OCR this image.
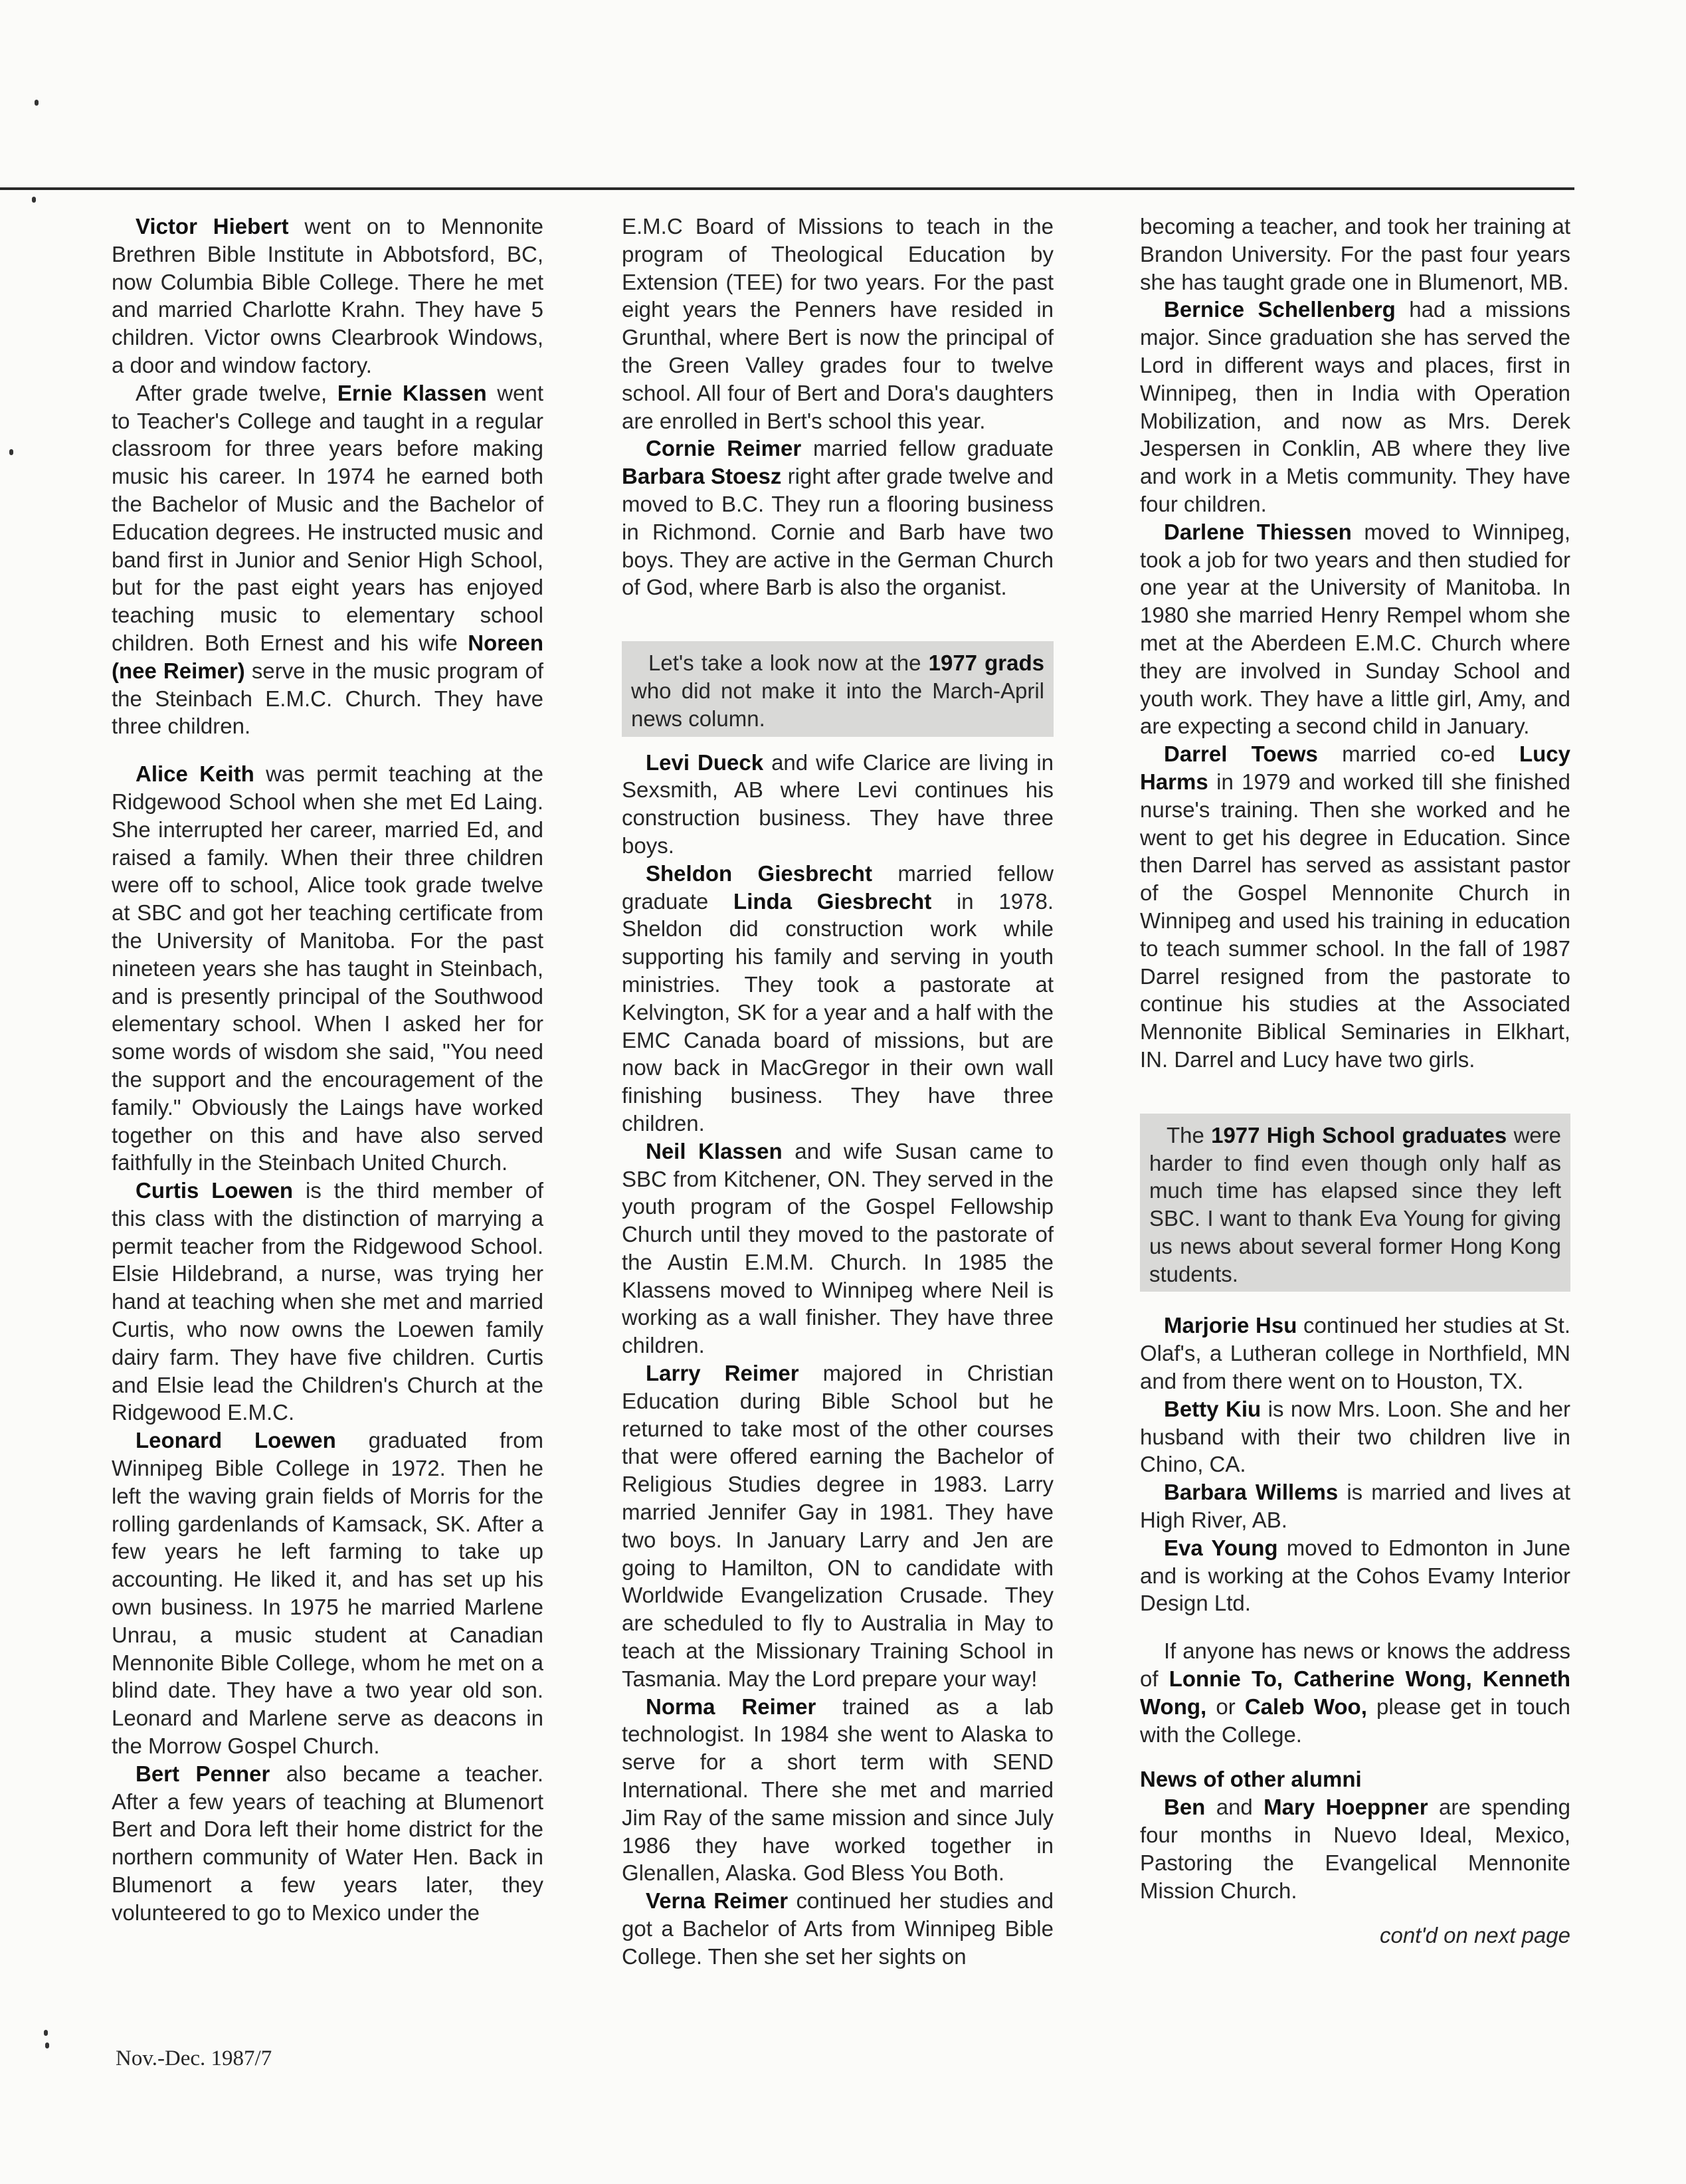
Victor Hiebert went on to Mennonite Brethren Bible Institute in Abbotsford, BC, now Columbia Bible College. There he met and married Charlotte Krahn. They have 5 children. Victor owns Clearbrook Windows, a door and window factory.

After grade twelve, Ernie Klassen went to Teacher's College and taught in a regular classroom for three years before making music his career. In 1974 he earned both the Bachelor of Music and the Bachelor of Education degrees. He instructed music and band first in Junior and Senior High School, but for the past eight years has enjoyed teaching music to elementary school children. Both Ernest and his wife Noreen (nee Reimer) serve in the music program of the Steinbach E.M.C. Church. They have three children.

Alice Keith was permit teaching at the Ridgewood School when she met Ed Laing. She interrupted her career, married Ed, and raised a family. When their three children were off to school, Alice took grade twelve at SBC and got her teaching certificate from the University of Manitoba. For the past nineteen years she has taught in Steinbach, and is presently principal of the Southwood elementary school. When I asked her for some words of wisdom she said, "You need the support and the encouragement of the family." Obviously the Laings have worked together on this and have also served faithfully in the Steinbach United Church.

Curtis Loewen is the third member of this class with the distinction of marrying a permit teacher from the Ridgewood School. Elsie Hildebrand, a nurse, was trying her hand at teaching when she met and married Curtis, who now owns the Loewen family dairy farm. They have five children. Curtis and Elsie lead the Children's Church at the Ridgewood E.M.C.

Leonard Loewen graduated from Winnipeg Bible College in 1972. Then he left the waving grain fields of Morris for the rolling gardenlands of Kamsack, SK. After a few years he left farming to take up accounting. He liked it, and has set up his own business. In 1975 he married Marlene Unrau, a music student at Canadian Mennonite Bible College, whom he met on a blind date. They have a two year old son. Leonard and Marlene serve as deacons in the Morrow Gospel Church.

Bert Penner also became a teacher. After a few years of teaching at Blumenort Bert and Dora left their home district for the northern community of Water Hen. Back in Blumenort a few years later, they volunteered to go to Mexico under the

E.M.C Board of Missions to teach in the program of Theological Education by Extension (TEE) for two years. For the past eight years the Penners have resided in Grunthal, where Bert is now the principal of the Green Valley grades four to twelve school. All four of Bert and Dora's daughters are enrolled in Bert's school this year.

Cornie Reimer married fellow graduate Barbara Stoesz right after grade twelve and moved to B.C. They run a flooring business in Richmond. Cornie and Barb have two boys. They are active in the German Church of God, where Barb is also the organist.

Let's take a look now at the 1977 grads who did not make it into the March-April news column.

Levi Dueck and wife Clarice are living in Sexsmith, AB where Levi continues his construction business. They have three boys.

Sheldon Giesbrecht married fellow graduate Linda Giesbrecht in 1978. Sheldon did construction work while supporting his family and serving in youth ministries. They took a pastorate at Kelvington, SK for a year and a half with the EMC Canada board of missions, but are now back in MacGregor in their own wall finishing business. They have three children.

Neil Klassen and wife Susan came to SBC from Kitchener, ON. They served in the youth program of the Gospel Fellowship Church until they moved to the pastorate of the Austin E.M.M. Church. In 1985 the Klassens moved to Winnipeg where Neil is working as a wall finisher. They have three children.

Larry Reimer majored in Christian Education during Bible School but he returned to take most of the other courses that were offered earning the Bachelor of Religious Studies degree in 1983. Larry married Jennifer Gay in 1981. They have two boys. In January Larry and Jen are going to Hamilton, ON to candidate with Worldwide Evangelization Crusade. They are scheduled to fly to Australia in May to teach at the Missionary Training School in Tasmania. May the Lord prepare your way!

Norma Reimer trained as a lab technologist. In 1984 she went to Alaska to serve for a short term with SEND International. There she met and married Jim Ray of the same mission and since July 1986 they have worked together in Glenallen, Alaska. God Bless You Both.

Verna Reimer continued her studies and got a Bachelor of Arts from Winnipeg Bible College. Then she set her sights on

becoming a teacher, and took her training at Brandon University. For the past four years she has taught grade one in Blumenort, MB.

Bernice Schellenberg had a missions major. Since graduation she has served the Lord in different ways and places, first in Winnipeg, then in India with Operation Mobilization, and now as Mrs. Derek Jespersen in Conklin, AB where they live and work in a Metis community. They have four children.

Darlene Thiessen moved to Winnipeg, took a job for two years and then studied for one year at the University of Manitoba. In 1980 she married Henry Rempel whom she met at the Aberdeen E.M.C. Church where they are involved in Sunday School and youth work. They have a little girl, Amy, and are expecting a second child in January.

Darrel Toews married co-ed Lucy Harms in 1979 and worked till she finished nurse's training. Then she worked and he went to get his degree in Education. Since then Darrel has served as assistant pastor of the Gospel Mennonite Church in Winnipeg and used his training in education to teach summer school. In the fall of 1987 Darrel resigned from the pastorate to continue his studies at the Associated Mennonite Biblical Seminaries in Elkhart, IN. Darrel and Lucy have two girls.

The 1977 High School graduates were harder to find even though only half as much time has elapsed since they left SBC. I want to thank Eva Young for giving us news about several former Hong Kong students.

Marjorie Hsu continued her studies at St. Olaf's, a Lutheran college in Northfield, MN and from there went on to Houston, TX.

Betty Kiu is now Mrs. Loon. She and her husband with their two children live in Chino, CA.

Barbara Willems is married and lives at High River, AB.

Eva Young moved to Edmonton in June and is working at the Cohos Evamy Interior Design Ltd.

If anyone has news or knows the address of Lonnie To, Catherine Wong, Kenneth Wong, or Caleb Woo, please get in touch with the College.

News of other alumni

Ben and Mary Hoeppner are spending four months in Nuevo Ideal, Mexico, Pastoring the Evangelical Mennonite Mission Church.

cont'd on next page
Nov.-Dec. 1987/7
